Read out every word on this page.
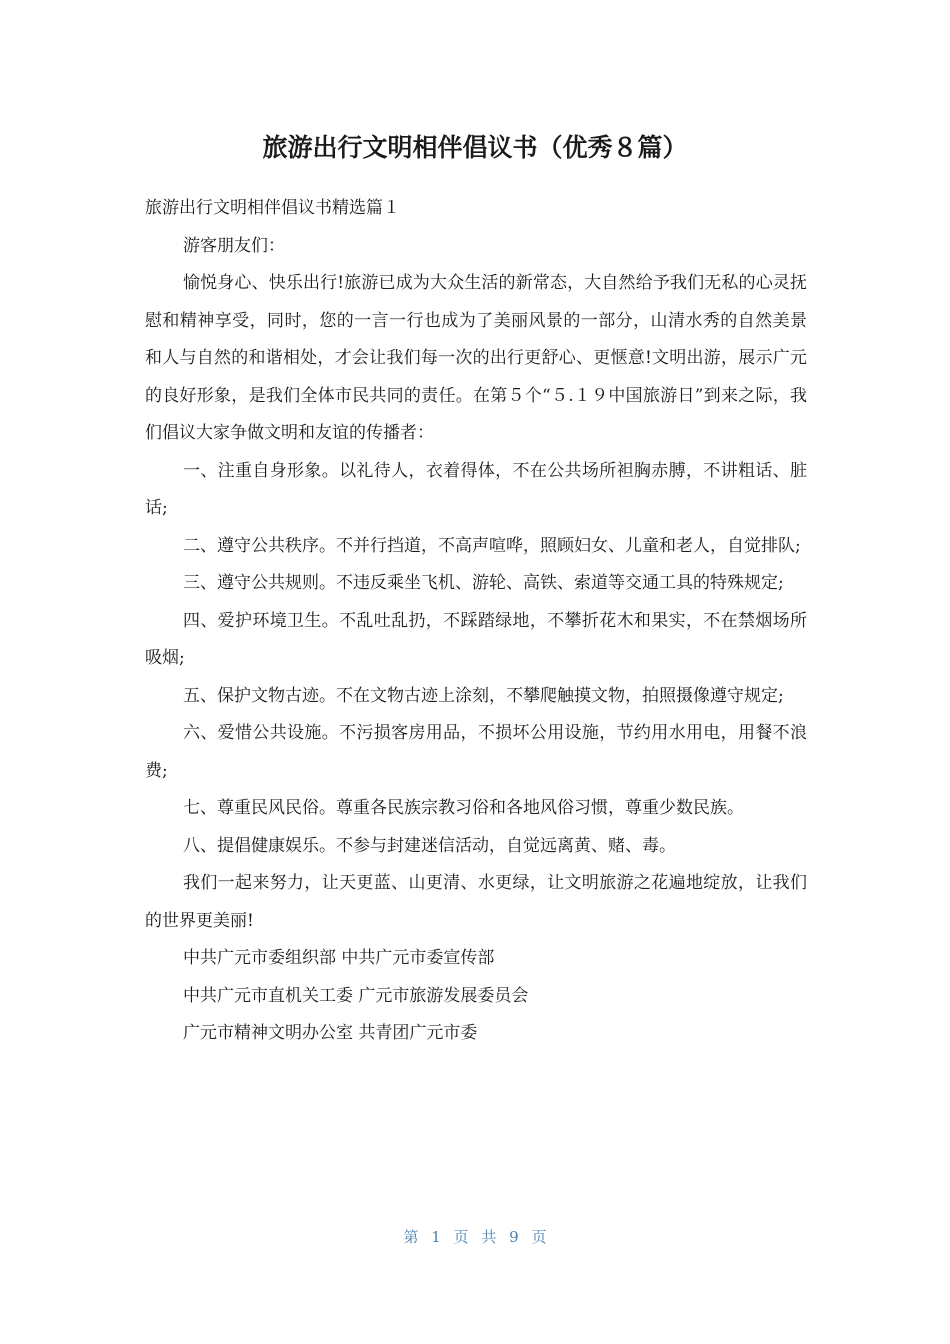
旅游出行文明相伴倡议书（优秀８篇）

旅游出行文明相伴倡议书精选篇１

游客朋友们：

愉悦身心、快乐出行!旅游已成为大众生活的新常态，大自然给予我们无私的心灵抚慰和精神享受，同时，您的一言一行也成为了美丽风景的一部分，山清水秀的自然美景和人与自然的和谐相处，才会让我们每一次的出行更舒心、更惬意!文明出游，展示广元的良好形象，是我们全体市民共同的责任。在第５个“５.１９中国旅游日”到来之际，我们倡议大家争做文明和友谊的传播者：

一、注重自身形象。以礼待人，衣着得体，不在公共场所袒胸赤膊，不讲粗话、脏话;

二、遵守公共秩序。不并行挡道，不高声喧哗，照顾妇女、儿童和老人，自觉排队;

三、遵守公共规则。不违反乘坐飞机、游轮、高铁、索道等交通工具的特殊规定;

四、爱护环境卫生。不乱吐乱扔，不踩踏绿地，不攀折花木和果实，不在禁烟场所吸烟;

五、保护文物古迹。不在文物古迹上涂刻，不攀爬触摸文物，拍照摄像遵守规定;

六、爱惜公共设施。不污损客房用品，不损坏公用设施，节约用水用电，用餐不浪费;

七、尊重民风民俗。尊重各民族宗教习俗和各地风俗习惯，尊重少数民族。

八、提倡健康娱乐。不参与封建迷信活动，自觉远离黄、赌、毒。

我们一起来努力，让天更蓝、山更清、水更绿，让文明旅游之花遍地绽放，让我们的世界更美丽!

中共广元市委组织部 中共广元市委宣传部

中共广元市直机关工委 广元市旅游发展委员会

广元市精神文明办公室 共青团广元市委

第 1 页 共 9 页
